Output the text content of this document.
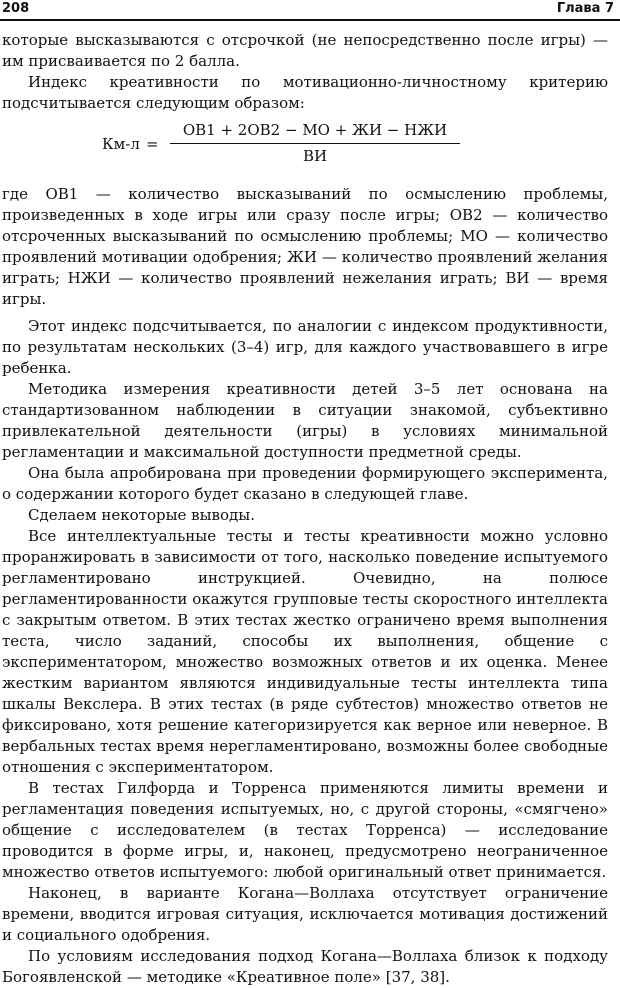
208	Глава 7

которые высказываются с отсрочкой (не непосредственно после игры) — им присваивается по 2 балла.

Индекс креативности по мотивационно-личностному критерию подсчитывается следующим образом:

Км-л =
ОВ1 + 2ОВ2 − МО + ЖИ − НЖИ
ВИ

где ОВ1 — количество высказываний по осмыслению проблемы, произведенных в ходе игры или сразу после игры; ОВ2 — количество отсроченных высказываний по осмыслению проблемы; МО — количество проявлений мотивации одобрения; ЖИ — количество проявлений желания играть; НЖИ — количество проявлений нежелания играть; ВИ — время игры.

Этот индекс подсчитывается, по аналогии с индексом продуктивности, по результатам нескольких (3–4) игр, для каждого участвовавшего в игре ребенка.

Методика измерения креативности детей 3–5 лет основана на стандартизованном наблюдении в ситуации знакомой, субъективно привлекательной деятельности (игры) в условиях минимальной регламентации и максимальной доступности предметной среды.

Она была апробирована при проведении формирующего эксперимента, о содержании которого будет сказано в следующей главе.

Сделаем некоторые выводы.

Все интеллектуальные тесты и тесты креативности можно условно проранжировать в зависимости от того, насколько поведение испытуемого регламентировано инструкцией. Очевидно, на полюсе регламентированности окажутся групповые тесты скоростного интеллекта с закрытым ответом. В этих тестах жестко ограничено время выполнения теста, число заданий, способы их выполнения, общение с экспериментатором, множество возможных ответов и их оценка. Менее жестким вариантом являются индивидуальные тесты интеллекта типа шкалы Векслера. В этих тестах (в ряде субтестов) множество ответов не фиксировано, хотя решение категоризируется как верное или неверное. В вербальных тестах время нерегламентировано, возможны более свободные отношения с экспериментатором.

В тестах Гилфорда и Торренса применяются лимиты времени и регламентация поведения испытуемых, но, с другой стороны, «смягчено» общение с исследователем (в тестах Торренса) — исследование проводится в форме игры, и, наконец, предусмотрено неограниченное множество ответов испытуемого: любой оригинальный ответ принимается.

Наконец, в варианте Когана—Воллаха отсутствует ограничение времени, вводится игровая ситуация, исключается мотивация достижений и социального одобрения.

По условиям исследования подход Когана—Воллаха близок к подходу Богоявленской — методике «Креативное поле» [37, 38].
